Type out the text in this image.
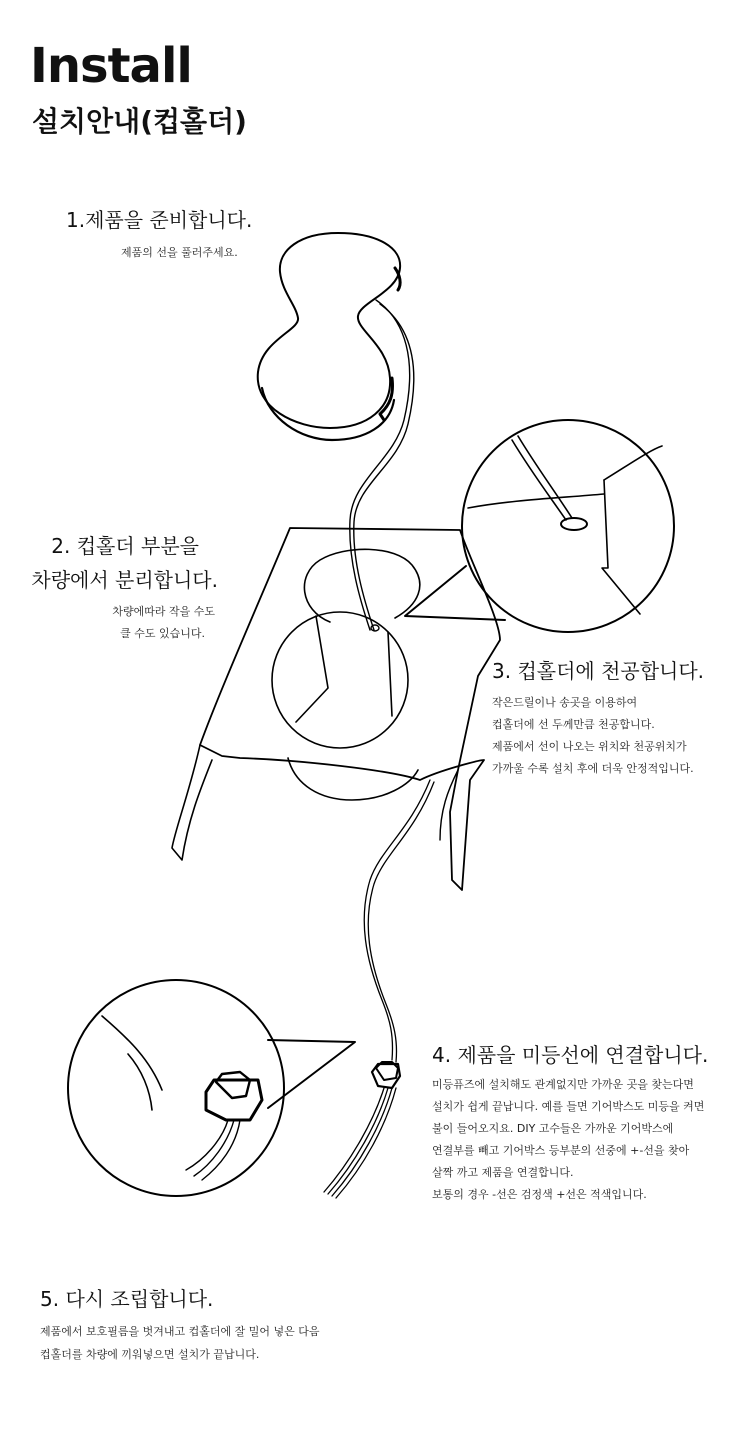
Install
설치안내(컵홀더)
1.제품을 준비합니다.
제품의 선을 풀러주세요.
2. 컵홀더 부분을
차량에서 분리합니다.
차량에따라 작을 수도
클 수도 있습니다.
3. 컵홀더에 천공합니다.
작은드릴이나 송곳을 이용하여
컵홀더에 선 두께만큼 천공합니다.
제품에서 선이 나오는 위치와 천공위치가
가까울 수록 설치 후에 더욱 안정적입니다.
4. 제품을 미등선에 연결합니다.
미등퓨즈에 설치해도 관계없지만 가까운 곳을 찾는다면
설치가 쉽게 끝납니다. 예를 들면 기어박스도 미등을 켜면
불이 들어오지요. DIY 고수들은 가까운 기어박스에
연결부를 빼고 기어박스 등부분의 선중에 +-선을 찾아
살짝 까고 제품을 연결합니다.
보통의 경우 -선은 검정색 +선은 적색입니다.
5. 다시 조립합니다.
제품에서 보호필름을 벗겨내고 컵홀더에 잘 밀어 넣은 다음
컵홀더를 차량에 끼워넣으면 설치가 끝납니다.
